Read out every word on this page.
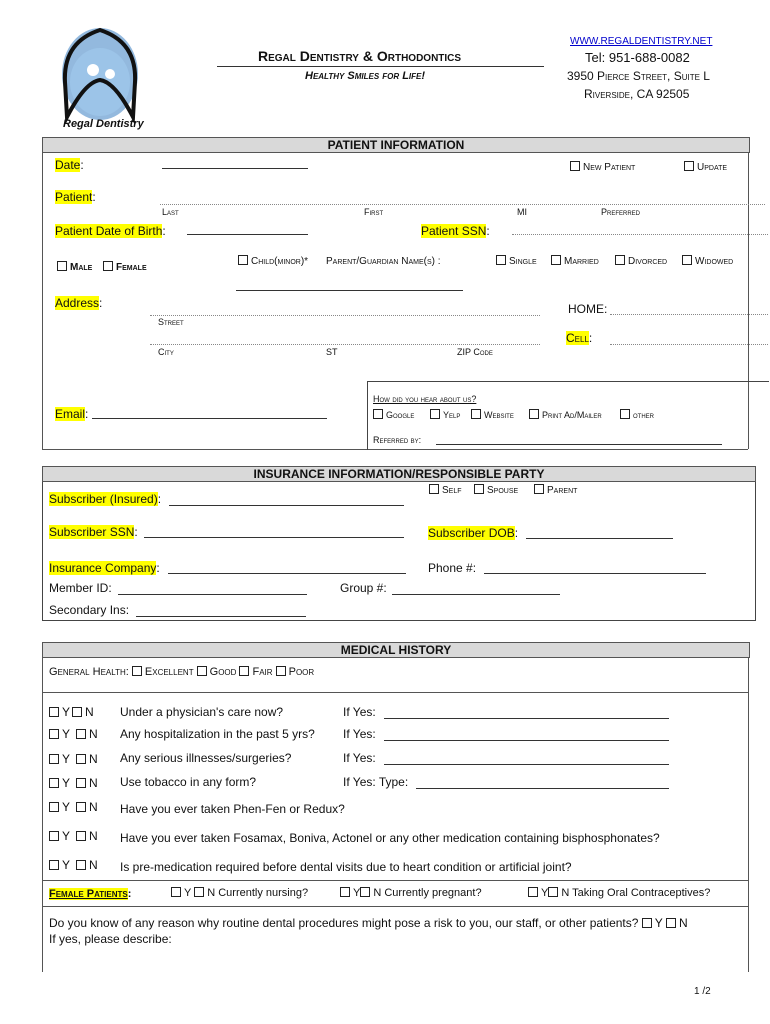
Regal Dentistry
Regal Dentistry & Orthodontics
Healthy Smiles for Life!
WWW.REGALDENTISTRY.NET
Tel: 951-688-0082
3950 Pierce Street, Suite L
Riverside, CA 92505
PATIENT INFORMATION
Date:	New Patient	Update
Patient:
Last	First	MI	Preferred
Patient Date of Birth:	Patient SSN:
Male	Female
Child(minor)* Parent/Guardian Name(s) :	Single	Married	Divorced	Widowed
Address:
Street
City	ST	ZIP Code
HOME:
Cell:
How did you hear about us?
Google	Yelp	Website	Print Ad/Mailer	other
Referred by:
Email:
INSURANCE INFORMATION/RESPONSIBLE PARTY
Subscriber (Insured):
Self	Spouse	Parent
Subscriber SSN:	Subscriber DOB:
Insurance Company:	Phone #:
Member ID:	Group #:
Secondary Ins:
MEDICAL HISTORY
General Health: Excellent Good Fair Poor
Y N Under a physician's care now?	If Yes:
Y N Any hospitalization in the past 5 yrs? If Yes:
Y N Any serious illnesses/surgeries?	If Yes:
Y N Use tobacco in any form?	If Yes: Type:
Y N Have you ever taken Phen-Fen or Redux?
Y N Have you ever taken Fosamax, Boniva, Actonel or any other medication containing bisphosphonates?
Y N Is pre-medication required before dental visits due to heart condition or artificial joint?
Female Patients:	Y N Currently nursing?	Y N Currently pregnant?	Y N Taking Oral Contraceptives?
Do you know of any reason why routine dental procedures might pose a risk to you, our staff, or other patients? Y N
If yes, please describe:
1 /2
